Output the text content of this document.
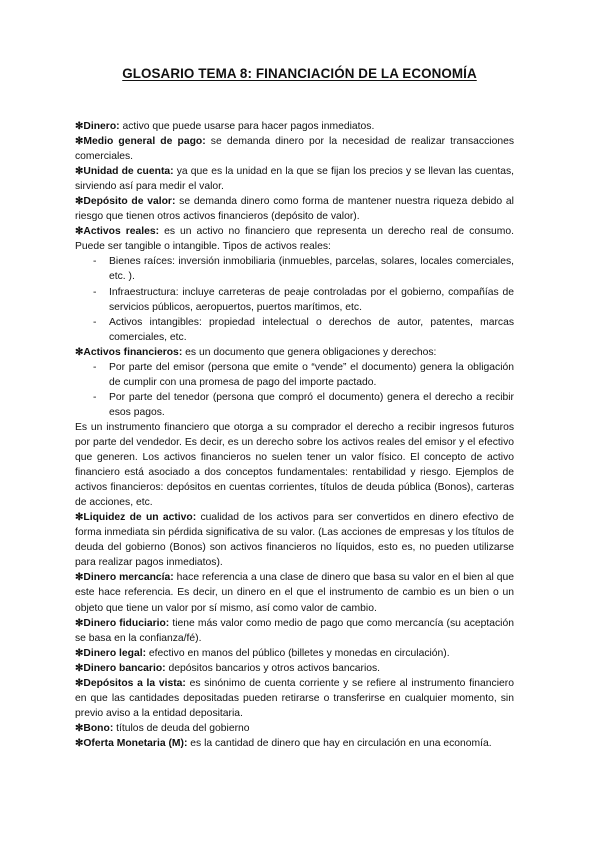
GLOSARIO TEMA 8: FINANCIACIÓN DE LA ECONOMÍA

✻Dinero: activo que puede usarse para hacer pagos inmediatos.

✻Medio general de pago: se demanda dinero por la necesidad de realizar transacciones comerciales.

✻Unidad de cuenta: ya que es la unidad en la que se fijan los precios y se llevan las cuentas, sirviendo así para medir el valor.

✻Depósito de valor: se demanda dinero como forma de mantener nuestra riqueza debido al riesgo que tienen otros activos financieros (depósito de valor).

✻Activos reales: es un activo no financiero que representa un derecho real de consumo. Puede ser tangible o intangible. Tipos de activos reales:

- Bienes raíces: inversión inmobiliaria (inmuebles, parcelas, solares, locales comerciales, etc. ).
- Infraestructura: incluye carreteras de peaje controladas por el gobierno, compañías de servicios públicos, aeropuertos, puertos marítimos, etc.
- Activos intangibles: propiedad intelectual o derechos de autor, patentes, marcas comerciales, etc.

✻Activos financieros: es un documento que genera obligaciones y derechos:

- Por parte del emisor (persona que emite o “vende” el documento) genera la obligación de cumplir con una promesa de pago del importe pactado.
- Por parte del tenedor (persona que compró el documento) genera el derecho a recibir esos pagos.

Es un instrumento financiero que otorga a su comprador el derecho a recibir ingresos futuros por parte del vendedor. Es decir, es un derecho sobre los activos reales del emisor y el efectivo que generen. Los activos financieros no suelen tener un valor físico. El concepto de activo financiero está asociado a dos conceptos fundamentales: rentabilidad y riesgo. Ejemplos de activos financieros: depósitos en cuentas corrientes, títulos de deuda pública (Bonos), carteras de acciones, etc.

✻Liquidez de un activo: cualidad de los activos para ser convertidos en dinero efectivo de forma inmediata sin pérdida significativa de su valor. (Las acciones de empresas y los títulos de deuda del gobierno (Bonos) son activos financieros no líquidos, esto es, no pueden utilizarse para realizar pagos inmediatos).

✻Dinero mercancía: hace referencia a una clase de dinero que basa su valor en el bien al que este hace referencia. Es decir, un dinero en el que el instrumento de cambio es un bien o un objeto que tiene un valor por sí mismo, así como valor de cambio.

✻Dinero fiduciario: tiene más valor como medio de pago que como mercancía (su aceptación se basa en la confianza/fé).

✻Dinero legal: efectivo en manos del público (billetes y monedas en circulación).

✻Dinero bancario: depósitos bancarios y otros activos bancarios.

✻Depósitos a la vista: es sinónimo de cuenta corriente y se refiere al instrumento financiero en que las cantidades depositadas pueden retirarse o transferirse en cualquier momento, sin previo aviso a la entidad depositaria.

✻Bono: títulos de deuda del gobierno

✻Oferta Monetaria (M): es la cantidad de dinero que hay en circulación en una economía.
